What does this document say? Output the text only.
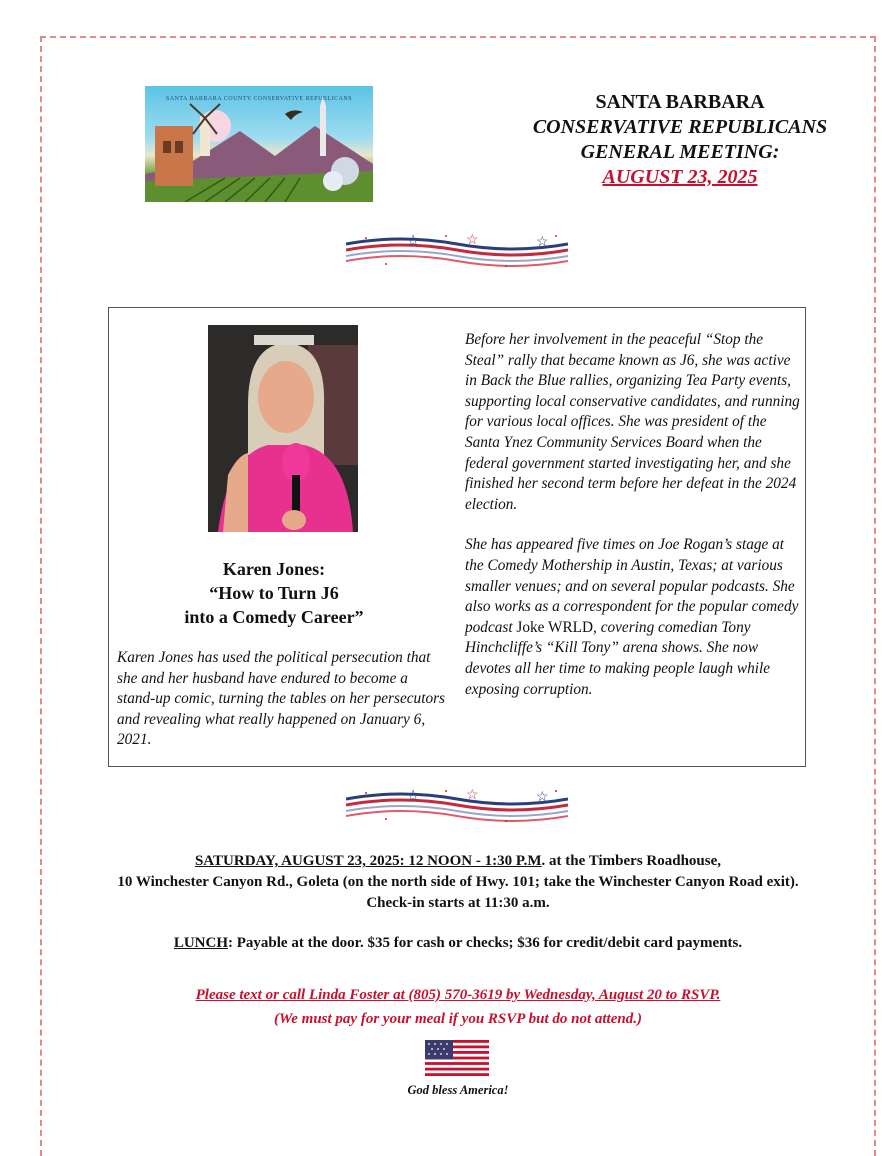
SANTA BARBARA COUNTY CONSERVATIVE REPUBLICANS	SANTA BARBARA
CONSERVATIVE REPUBLICANS
GENERAL MEETING:
AUGUST 23, 2025
☆	☆	☆
Karen Jones:
“How to Turn J6
into a Comedy Career”
Karen Jones has used the political persecution that she and her husband have endured to become a stand-up comic, turning the tables on her persecutors and revealing what really happened on January 6, 2021.

Before her involvement in the peaceful “Stop the Steal” rally that became known as J6, she was active in Back the Blue rallies, organizing Tea Party events, supporting local conservative candidates, and running for various local offices. She was president of the Santa Ynez Community Services Board when the federal government started investigating her, and she finished her second term before her defeat in the 2024 election.

She has appeared five times on Joe Rogan’s stage at the Comedy Mothership in Austin, Texas; at various smaller venues; and on several popular podcasts. She also works as a correspondent for the popular comedy podcast Joke WRLD, covering comedian Tony Hinchcliffe’s “Kill Tony” arena shows. She now devotes all her time to making people laugh while exposing corruption.

☆	☆	☆
SATURDAY, AUGUST 23, 2025: 12 NOON - 1:30 P.M. at the Timbers Roadhouse,
10 Winchester Canyon Rd., Goleta (on the north side of Hwy. 101; take the Winchester Canyon Road exit).
Check-in starts at 11:30 a.m.
LUNCH: Payable at the door. $35 for cash or checks; $36 for credit/debit card payments.
Please text or call Linda Foster at (805) 570-3619 by Wednesday, August 20 to RSVP.
(We must pay for your meal if you RSVP but do not attend.)
God bless America!
